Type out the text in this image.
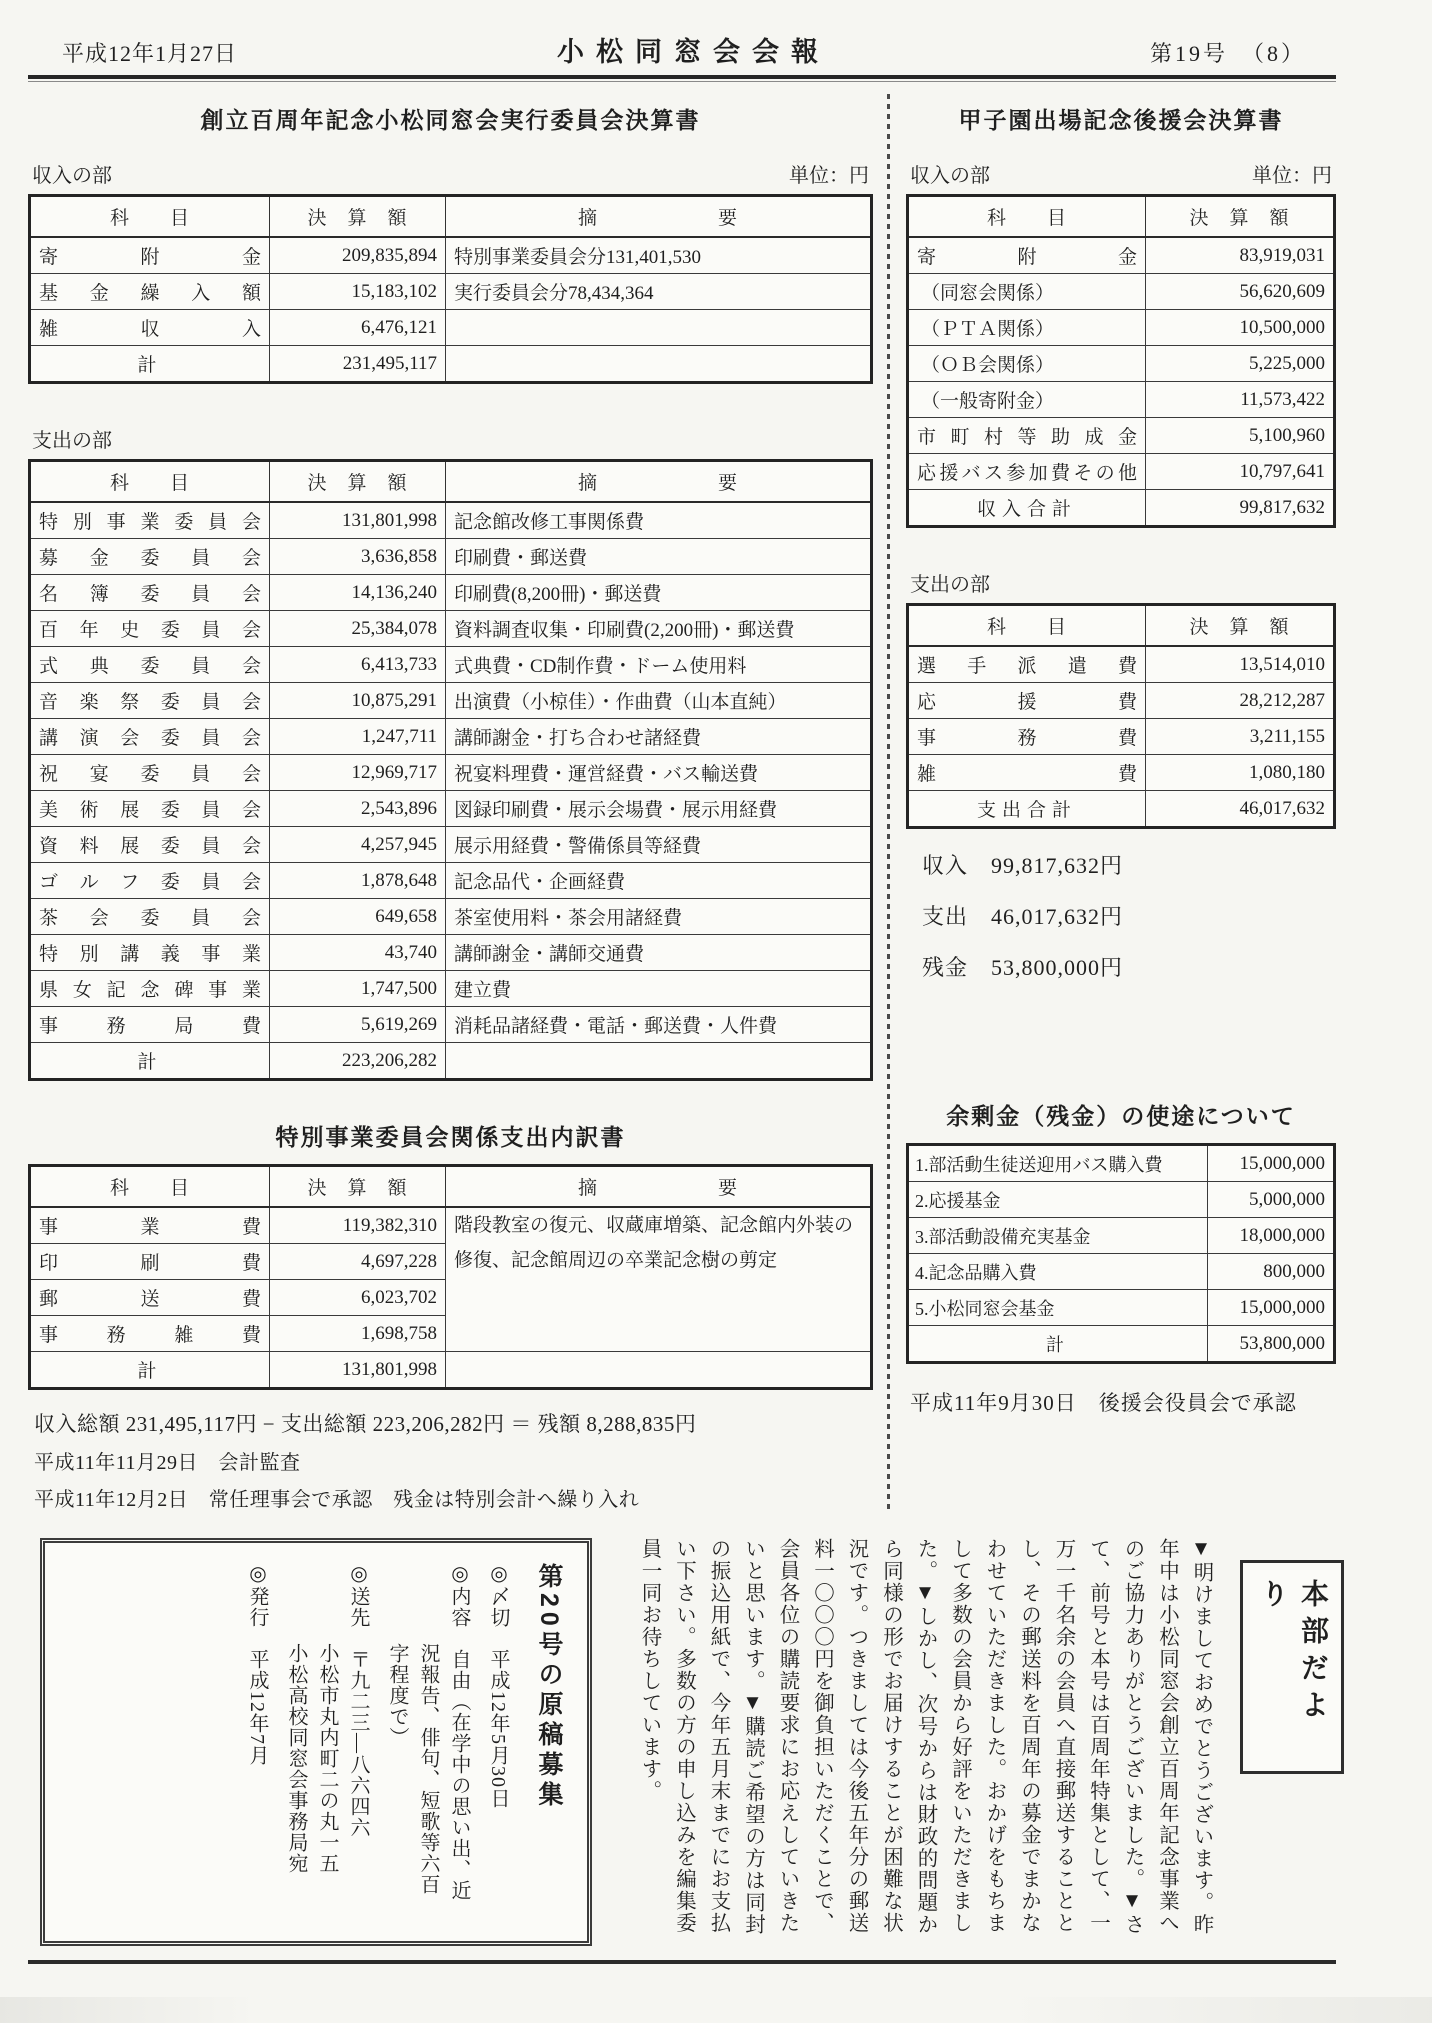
平成12年1月27日	小松同窓会会報	第19号　（8）
創立百周年記念小松同窓会実行委員会決算書
収入の部	単位：円
科　　目	決　算　額	摘　　　　　　要
寄附金	209,835,894	特別事業委員会分131,401,530
基金繰入額	15,183,102	実行委員会分78,434,364
雑収入	6,476,121	
計	231,495,117	
支出の部
科　　目	決　算　額	摘　　　　　　要
特別事業委員会	131,801,998	記念館改修工事関係費
募金委員会	3,636,858	印刷費・郵送費
名簿委員会	14,136,240	印刷費(8,200冊)・郵送費
百年史委員会	25,384,078	資料調査収集・印刷費(2,200冊)・郵送費
式典委員会	6,413,733	式典費・CD制作費・ドーム使用料
音楽祭委員会	10,875,291	出演費（小椋佳）・作曲費（山本直純）
講演会委員会	1,247,711	講師謝金・打ち合わせ諸経費
祝宴委員会	12,969,717	祝宴料理費・運営経費・バス輸送費
美術展委員会	2,543,896	図録印刷費・展示会場費・展示用経費
資料展委員会	4,257,945	展示用経費・警備係員等経費
ゴルフ委員会	1,878,648	記念品代・企画経費
茶会委員会	649,658	茶室使用料・茶会用諸経費
特別講義事業	43,740	講師謝金・講師交通費
県女記念碑事業	1,747,500	建立費
事務局費	5,619,269	消耗品諸経費・電話・郵送費・人件費
計	223,206,282	
特別事業委員会関係支出内訳書
科　　目	決　算　額	摘　　　　　　要
事業費	119,382,310	階段教室の復元、収蔵庫増築、記念館内外装の修復、記念館周辺の卒業記念樹の剪定
印刷費	4,697,228	
郵送費	6,023,702	
事務雑費	1,698,758	
計	131,801,998	
収入総額 231,495,117円 − 支出総額 223,206,282円 ＝ 残額 8,288,835円
平成11年11月29日　会計監査
平成11年12月2日　常任理事会で承認　残金は特別会計へ繰り入れ
甲子園出場記念後援会決算書
収入の部	単位：円
科　　目	決　算　額
寄附金	83,919,031
（同窓会関係）	56,620,609
（ＰＴＡ関係）	10,500,000
（ＯＢ会関係）	5,225,000
（一般寄附金）	11,573,422
市町村等助成金	5,100,960
応援バス参加費その他	10,797,641
収入合計	99,817,632
支出の部
科　　目	決　算　額
選手派遣費	13,514,010
応援費	28,212,287
事務費	3,211,155
雑費	1,080,180
支出合計	46,017,632
収入　99,817,632円
支出　46,017,632円
残金　53,800,000円
余剰金（残金）の使途について
1.部活動生徒送迎用バス購入費	15,000,000
2.応援基金	5,000,000
3.部活動設備充実基金	18,000,000
4.記念品購入費	800,000
5.小松同窓会基金	15,000,000
計	53,800,000
平成11年9月30日　後援会役員会で承認
第20号の原稿募集
◎〆切　平成12年5月30日
◎内容　自由（在学中の思い出、近
況報告、俳句、短歌等六百
字程度で）
◎送先　〒九二三―八六四六
小松市丸内町二の丸一五
小松高校同窓会事務局宛
◎発行　平成12年7月	本部だより
▼明けましておめでとうございます。昨年中は小松同窓会創立百周年記念事業へのご協力ありがとうございました。▼さて、前号と本号は百周年特集として、一万一千名余の会員へ直接郵送することとし、その郵送料を百周年の募金でまかなわせていただきました。おかげをもちまして多数の会員から好評をいただきました。▼しかし、次号からは財政的問題から同様の形でお届けすることが困難な状況です。つきましては今後五年分の郵送料一〇〇〇円を御負担いただくことで、会員各位の購読要求にお応えしていきたいと思います。▼購読ご希望の方は同封の振込用紙で、今年五月末までにお支払い下さい。多数の方の申し込みを編集委員一同お待ちしています。
